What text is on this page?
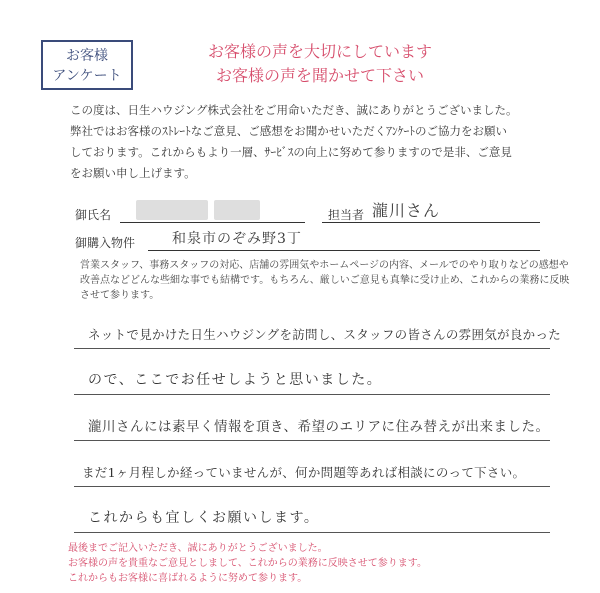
お客様
アンケート
お客様の声を大切にしています
お客様の声を聞かせて下さい
この度は、日生ハウジング株式会社をご用命いただき、誠にありがとうございました。
弊社ではお客様のｽﾄﾚｰﾄなご意見、ご感想をお聞かせいただくｱﾝｹｰﾄのご協力をお願い
しております。これからもより一層、ｻｰﾋﾞｽの向上に努めて参りますので是非、ご意見
をお願い申し上げます。
御氏名	担当者 瀧川さん
御購入物件	和泉市のぞみ野3丁
営業スタッフ、事務スタッフの対応、店舗の雰囲気やホームページの内容、メールでのやり取りなどの感想や
改善点などどんな些細な事でも結構です。もちろん、厳しいご意見も真摯に受け止め、これからの業務に反映
させて参ります。
ネットで見かけた日生ハウジングを訪問し、スタッフの皆さんの雰囲気が良かった
ので、ここでお任せしようと思いました。
瀧川さんには素早く情報を頂き、希望のエリアに住み替えが出来ました。
まだ1ヶ月程しか経っていませんが、何か問題等あれば相談にのって下さい。
これからも宜しくお願いします。
最後までご記入いただき、誠にありがとうございました。
お客様の声を貴重なご意見としまして、これからの業務に反映させて参ります。
これからもお客様に喜ばれるように努めて参ります。
